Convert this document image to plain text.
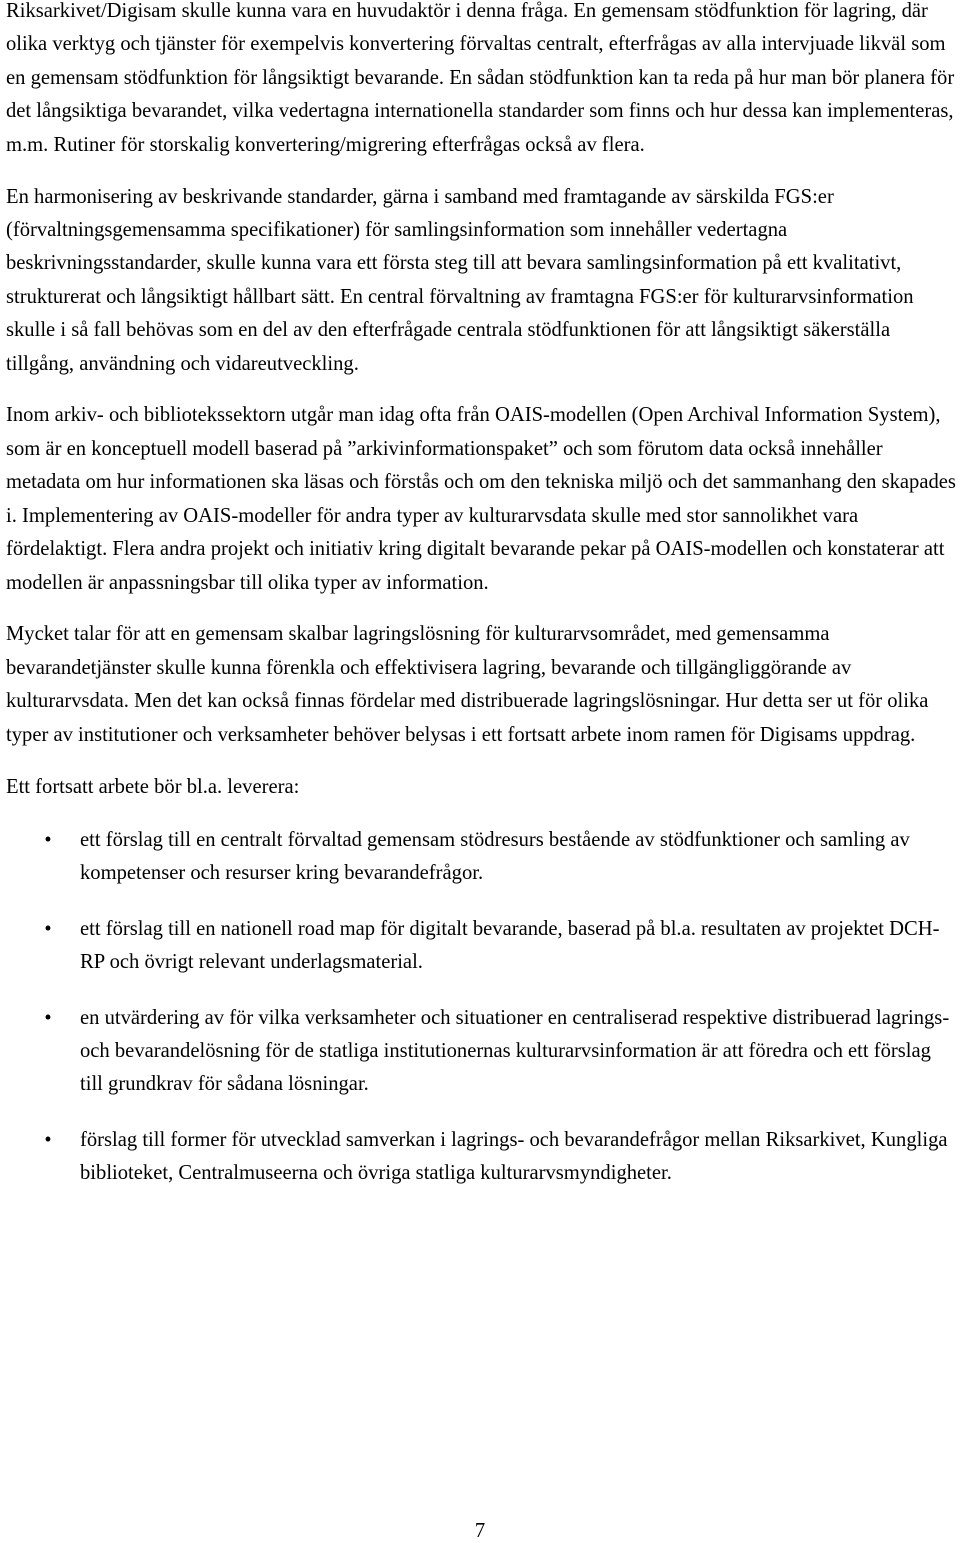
Riksarkivet/Digisam skulle kunna vara en huvudaktör i denna fråga. En gemensam stödfunktion för lagring, där olika verktyg och tjänster för exempelvis konvertering förvaltas centralt, efterfrågas av alla intervjuade likväl som en gemensam stödfunktion för långsiktigt bevarande. En sådan stödfunktion kan ta reda på hur man bör planera för det långsiktiga bevarandet, vilka vedertagna internationella standarder som finns och hur dessa kan implementeras, m.m. Rutiner för storskalig konvertering/migrering efterfrågas också av flera.

En harmonisering av beskrivande standarder, gärna i samband med framtagande av särskilda FGS:er (förvaltningsgemensamma specifikationer) för samlingsinformation som innehåller vedertagna beskrivningsstandarder, skulle kunna vara ett första steg till att bevara samlingsinformation på ett kvalitativt, strukturerat och långsiktigt hållbart sätt. En central förvaltning av framtagna FGS:er för kulturarvsinformation skulle i så fall behövas som en del av den efterfrågade centrala stödfunktionen för att långsiktigt säkerställa tillgång, användning och vidareutveckling.

Inom arkiv- och bibliotekssektorn utgår man idag ofta från OAIS-modellen (Open Archival Information System), som är en konceptuell modell baserad på ”arkivinformationspaket” och som förutom data också innehåller metadata om hur informationen ska läsas och förstås och om den tekniska miljö och det sammanhang den skapades i. Implementering av OAIS-modeller för andra typer av kulturarvsdata skulle med stor sannolikhet vara fördelaktigt. Flera andra projekt och initiativ kring digitalt bevarande pekar på OAIS-modellen och konstaterar att modellen är anpassningsbar till olika typer av information.

Mycket talar för att en gemensam skalbar lagringslösning för kulturarvsområdet, med gemensamma bevarandetjänster skulle kunna förenkla och effektivisera lagring, bevarande och tillgängliggörande av kulturarvsdata. Men det kan också finnas fördelar med distribuerade lagringslösningar. Hur detta ser ut för olika typer av institutioner och verksamheter behöver belysas i ett fortsatt arbete inom ramen för Digisams uppdrag.

Ett fortsatt arbete bör bl.a. leverera:

• ett förslag till en centralt förvaltad gemensam stödresurs bestående av stödfunktioner och samling av kompetenser och resurser kring bevarandefrågor.
• ett förslag till en nationell road map för digitalt bevarande, baserad på bl.a. resultaten av projektet DCH-RP och övrigt relevant underlagsmaterial.
• en utvärdering av för vilka verksamheter och situationer en centraliserad respektive distribuerad lagrings- och bevarandelösning för de statliga institutionernas kulturarvsinformation är att föredra och ett förslag till grundkrav för sådana lösningar.
• förslag till former för utvecklad samverkan i lagrings- och bevarandefrågor mellan Riksarkivet, Kungliga biblioteket, Centralmuseerna och övriga statliga kulturarvsmyndigheter.
7
